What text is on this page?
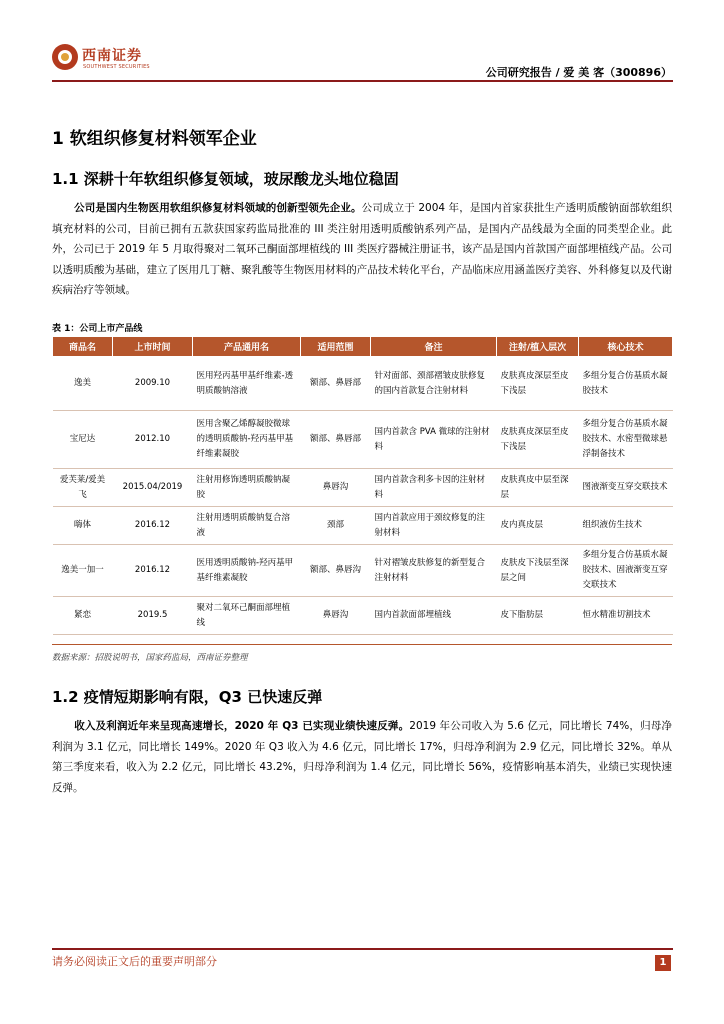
西南证券
SOUTHWEST SECURITIES	公司研究报告 / 爱 美 客（300896）
1 软组织修复材料领军企业
1.1 深耕十年软组织修复领域，玻尿酸龙头地位稳固
公司是国内生物医用软组织修复材料领域的创新型领先企业。公司成立于 2004 年，是国内首家获批生产透明质酸钠面部软组织填充材料的公司，目前已拥有五款获国家药监局批准的 III 类注射用透明质酸钠系列产品，是国内产品线最为全面的同类型企业。此外，公司已于 2019 年 5 月取得聚对二氧环己酮面部埋植线的 III 类医疗器械注册证书，该产品是国内首款国产面部埋植线产品。公司以透明质酸为基础，建立了医用几丁糖、聚乳酸等生物医用材料的产品技术转化平台，产品临床应用涵盖医疗美容、外科修复以及代谢疾病治疗等领域。
表 1：公司上市产品线
商品名	上市时间	产品通用名	适用范围	备注	注射/植入层次	核心技术
逸美	2009.10	医用羟丙基甲基纤维素-透明质酸钠溶液	额部、鼻唇部	针对面部、颈部褶皱皮肤修复的国内首款复合注射材料	皮肤真皮深层至皮下浅层	多组分复合仿基质水凝胶技术
宝尼达	2012.10	医用含聚乙烯醇凝胶微球的透明质酸钠-羟丙基甲基纤维素凝胶	额部、鼻唇部	国内首款含 PVA 微球的注射材料	皮肤真皮深层至皮下浅层	多组分复合仿基质水凝胶技术、水密型微球悬浮制备技术
爱芙莱/爱美飞	2015.04/2019	注射用修饰透明质酸钠凝胶	鼻唇沟	国内首款含利多卡因的注射材料	皮肤真皮中层至深层	图液渐变互穿交联技术
嗨体	2016.12	注射用透明质酸钠复合溶液	颈部	国内首款应用于颈纹修复的注射材料	皮内真皮层	组织液仿生技术
逸美一加一	2016.12	医用透明质酸钠-羟丙基甲基纤维素凝胶	额部、鼻唇沟	针对褶皱皮肤修复的新型复合注射材料	皮肤皮下浅层至深层之间	多组分复合仿基质水凝胶技术、固液渐变互穿交联技术
紧恋	2019.5	聚对二氧环己酮面部埋植线	鼻唇沟	国内首款面部埋植线	皮下脂肪层	恒水精准切割技术
数据来源：招股说明书，国家药监局，西南证券整理
1.2 疫情短期影响有限，Q3 已快速反弹
收入及利润近年来呈现高速增长，2020 年 Q3 已实现业绩快速反弹。2019 年公司收入为 5.6 亿元，同比增长 74%，归母净利润为 3.1 亿元，同比增长 149%。2020 年 Q3 收入为 4.6 亿元，同比增长 17%，归母净利润为 2.9 亿元，同比增长 32%。单从第三季度来看，收入为 2.2 亿元，同比增长 43.2%，归母净利润为 1.4 亿元，同比增长 56%，疫情影响基本消失，业绩已实现快速反弹。
请务必阅读正文后的重要声明部分	1
